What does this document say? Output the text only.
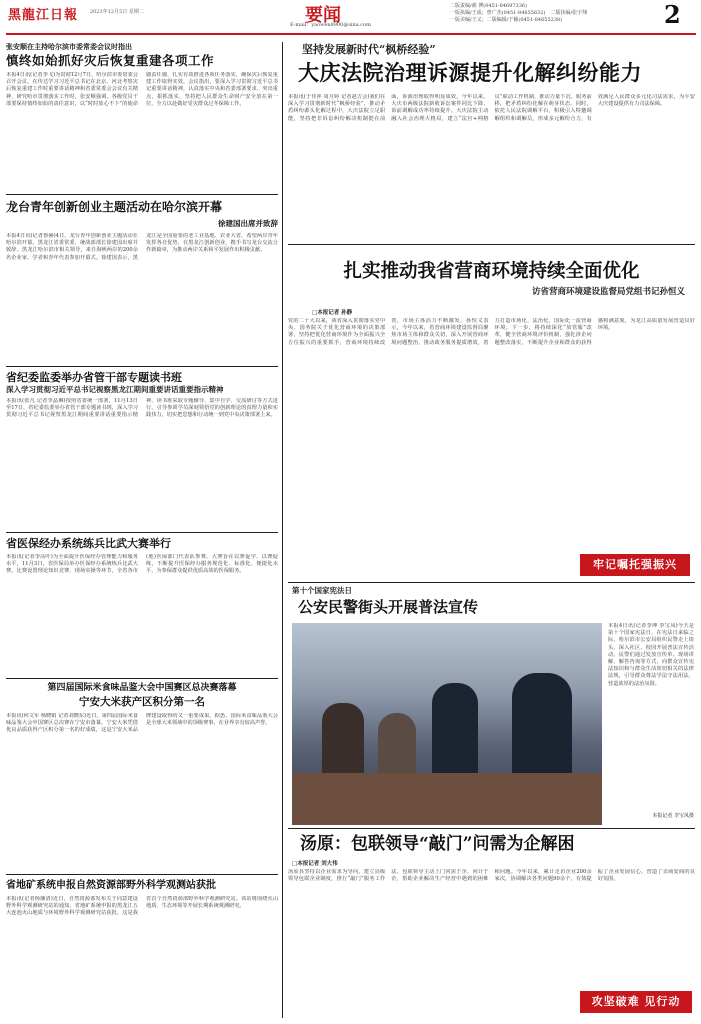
黑龍江日報 2023年12月5日 星期二	要闻
E-mail：yaowen8900@sina.com
二版责编/郝 博(0451-84697336)
一版执编/王成；曾广杰(0451-84655632)　二版执编/张宇翔
一版美编/王义；二版编辑/于颖(0451-84655238)	2
张安顺在主持哈尔滨市委常委会议时指出
慎终如始抓好灾后恢复重建各项工作
本报4日讯(记者李飞)为贯彻12月7日，哈尔滨市委常委会召开会议。在传达学习习近平总书记在北京、河北考察灾后恢复重建工作时重要讲话精神和省委常委会会议有关精神，研究哈市贯彻落实工作时，张安顺强调，各级党员干部要保持慎终如始的责任意识，以“时时放心不下”的使命感责任感，扎实有效推进各项任务落实，确保灾后恢复重建工作取得实效。会议指出，要深入学习贯彻习近平总书记重要讲话精神，认真落实中央和省委部署要求，突出重点，狠抓落实，坚持把人民群众生命财产安全放在第一位，全力以赴做好受灾群众过冬保障工作。
龙台青年创新创业主题活动在哈尔滨开幕
徐建国出席并致辞
本报4日讯(记者鲁赫)4日，龙台青年创新创业主题活动在哈尔滨开幕。黑龙江省委常委、统战部部长徐建国出席并致辞。黑龙江哈尔滨市相关领导，来自海峡两岸的200余名企业家、学者和青年代表参加开幕式。徐建国表示，黑龙江是全国重要的老工业基地、农业大省，希望两岸青年发挥各自优势，在黑龙江创新创业，携手书写龙台交流合作新篇章，为推动两岸关系和平发展作出积极贡献。
省纪委监委举办省管干部专题读书班
深入学习贯彻习近平总书记视察黑龙江期间重要讲话重要指示精神
本报讯(张凡 记者李晶琳)按照省委统一部署，11月13日至17日，省纪委监委举办省管干部专题读书班，深入学习贯彻习近平总书记视察黑龙江期间重要讲话重要指示精神。读书班采取专题辅导、集中自学、交流研讨等方式进行，引导参训学员深刻领悟党的创新理论的真理力量和实践伟力，切实把思想和行动统一到党中央决策部署上来。
省医保经办系统练兵比武大赛举行
本报讯(记者李高叶)为全面提升医保经办管理能力和服务水平，11月3日，省医保局举办医保经办系统练兵比武大赛。比赛设置理论知识竞赛、现场实操等环节，全省各市(地)医保部门代表队参赛。大赛旨在以赛促学、以赛促练，不断提升医保经办服务规范化、标准化、便捷化水平，为参保群众提供优质高效的医保服务。
第四届国际米食味品鉴大会中国赛区总决赛落幕
宁安大米获产区积分第一名
本报讯(何文军 杨晓娟 记者刘晓东)近日，第四届国际米食味品鉴大会中国赛区总决赛在宁安市落幕。宁安大米凭借优良品质获得产区积分第一名的好成绩，这是宁安大米品牌建设取得的又一重要成果。据悉，国际米食味品鉴大会是全球大米领域中的顶级赛事，在业界享有较高声誉。
省地矿系统申报自然资源部野外科学观测站获批
本报讯(记者杨廉清)近日，自然资源部发布关于同意建设野外科学观测研究站的通知，省地矿系统申报的黑龙江五大连池火山地质与环境野外科学观测研究站获批，这是我省首个自然资源部野外科学观测研究站。该站将围绕火山地质、生态环境等开展长期系统观测研究。
坚持发展新时代“枫桥经验”
大庆法院治理诉源提升化解纠纷能力
本报讯(于佳萍 周月婷 记者赵吉会)我们在深入学习贯彻新时代“枫桥经验”，推动矛盾纠纷源头化解过程中，大庆法院立足职能，坚持把非诉讼纠纷解决机制挺在前面，诉源治理取得明显成效。今年以来，大庆市两级法院新收诉讼案件同比下降，诉前调解成功率持续提升。大庆法院主动融入社会治理大格局，建立“法官+网格员”联动工作机制，推动力量下沉、服务前移，把矛盾纠纷化解在萌芽状态。同时，依托人民法院调解平台，积极引入特邀调解组织和调解员，形成多元解纷合力，有效满足人民群众多元化司法需求，为平安大庆建设提供有力司法保障。
扎实推动我省营商环境持续全面优化
访省营商环境建设监督局党组书记孙恒义
□本报记者 孙静
党的二十大以来，我省深入贯彻落实党中央、国务院关于优化营商环境的决策部署，坚持把优化营商环境作为全面振兴全方位振兴的重要抓手，营商环境持续改善，市场主体活力不断激发。孙恒义表示，今年以来，省营商环境建设监督局聚焦市场主体和群众关切，深入开展营商环境问题整治，推动政务服务提质增效，着力打造市场化、法治化、国际化一流营商环境。下一步，将持续深化“放管服”改革，健全营商环境评价机制，强化涉企问题整改落实，不断提升企业和群众的获得感和满意度，为龙江高质量发展营造良好环境。
牢记嘱托强振兴
第十个国家宪法日
公安民警街头开展普法宣传
本报4日讯(记者李坤 李宝凤)今天是第十个国家宪法日，在宪法日来临之际，哈尔滨市公安局组织民警走上街头，深入社区、校园开展普法宣传活动。民警们通过发放宣传单、现场讲解、解答咨询等方式，向群众宣传宪法知识和与群众生活密切相关的法律法规，引导群众尊法学法守法用法，营造浓厚的法治氛围。
本报记者 李宝凤摄
汤原：包联领导“敲门”问需为企解困
□本报记者 刘大伟
汤原县坚持以企业需求为导向，建立县级领导包联企业制度，推行“敲门”服务工作法，包联领导主动上门问需于企、问计于企，帮助企业解决生产经营中遇到的困难和问题。今年以来，累计走访企业200余家次，协调解决各类问题90余个，有效提振了企业发展信心，营造了亲商安商的良好氛围。
攻坚破难 见行动
